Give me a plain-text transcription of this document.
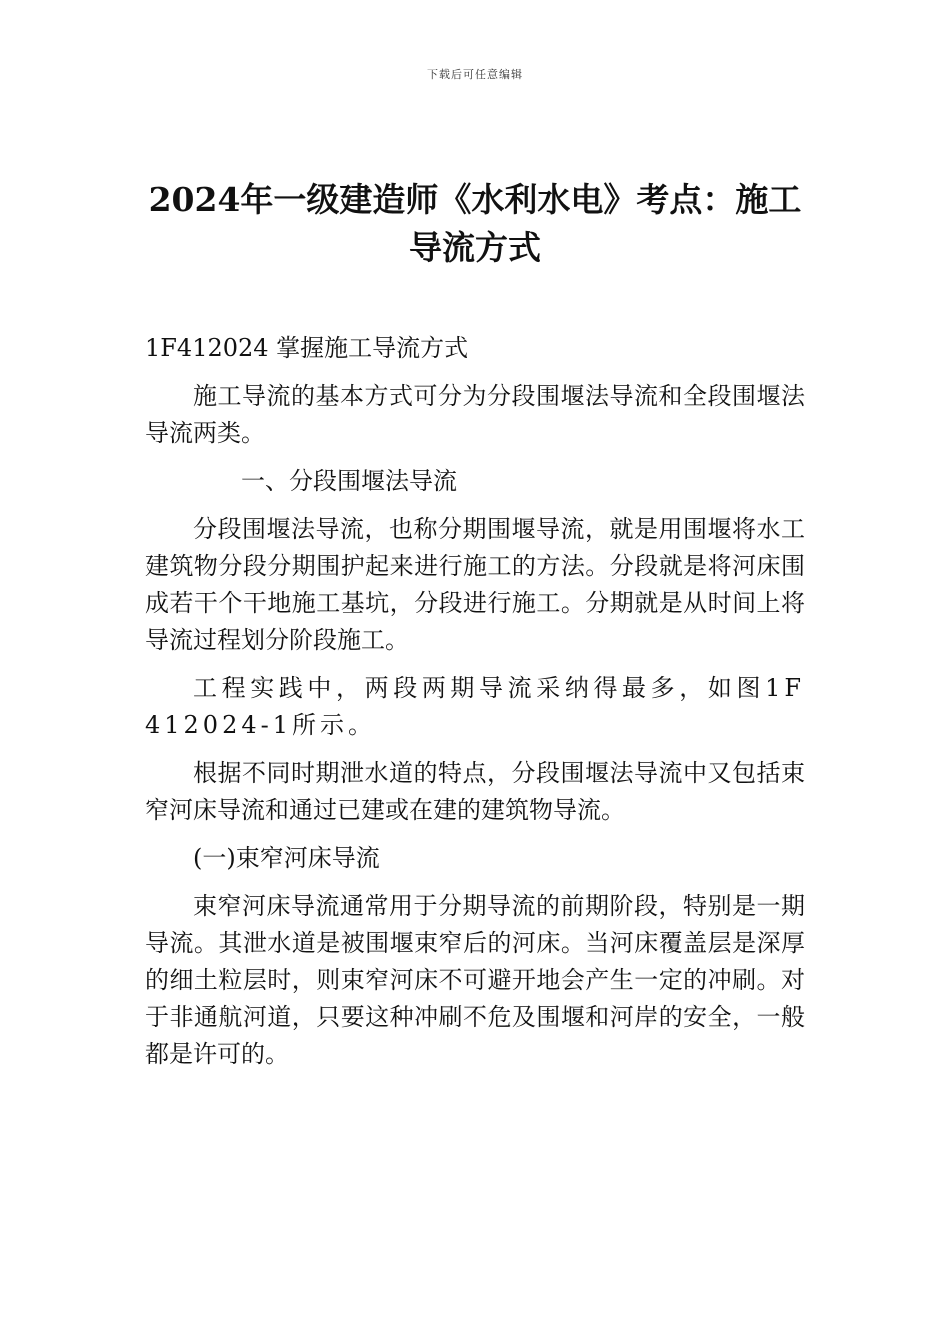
下载后可任意编辑
2024年一级建造师《水利水电》考点：施工导流方式

1F412024 掌握施工导流方式

施工导流的基本方式可分为分段围堰法导流和全段围堰法导流两类。

一、分段围堰法导流

分段围堰法导流，也称分期围堰导流，就是用围堰将水工建筑物分段分期围护起来进行施工的方法。分段就是将河床围成若干个干地施工基坑，分段进行施工。分期就是从时间上将导流过程划分阶段施工。

工程实践中，两段两期导流采纳得最多，如图1F412024-1所示。

根据不同时期泄水道的特点，分段围堰法导流中又包括束窄河床导流和通过已建或在建的建筑物导流。

(一)束窄河床导流

束窄河床导流通常用于分期导流的前期阶段，特别是一期导流。其泄水道是被围堰束窄后的河床。当河床覆盖层是深厚的细土粒层时，则束窄河床不可避开地会产生一定的冲刷。对于非通航河道，只要这种冲刷不危及围堰和河岸的安全，一般都是许可的。
